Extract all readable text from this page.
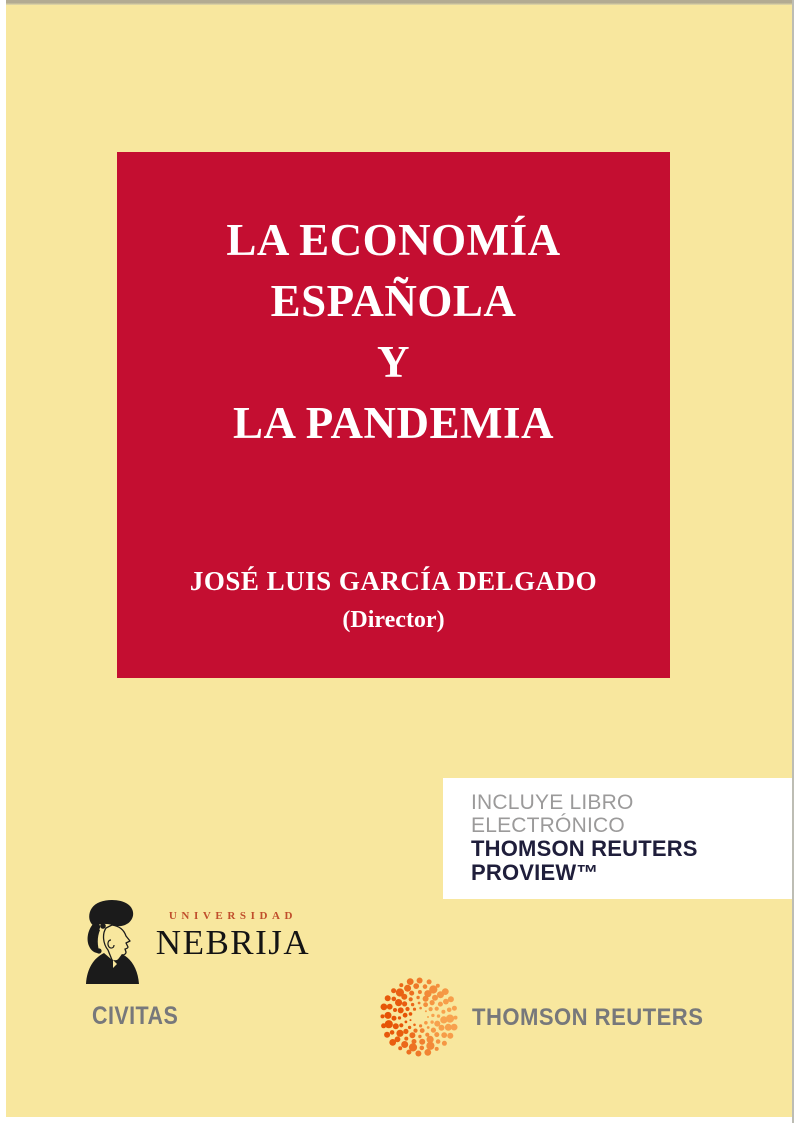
LA ECONOMÍA
ESPAÑOLA
Y
LA PANDEMIA
JOSÉ LUIS GARCÍA DELGADO
(Director)
INCLUYE LIBRO
ELECTRÓNICO
THOMSON REUTERS
PROVIEW™
UNIVERSIDAD
NEBRIJA
CIVITAS	THOMSON REUTERS
